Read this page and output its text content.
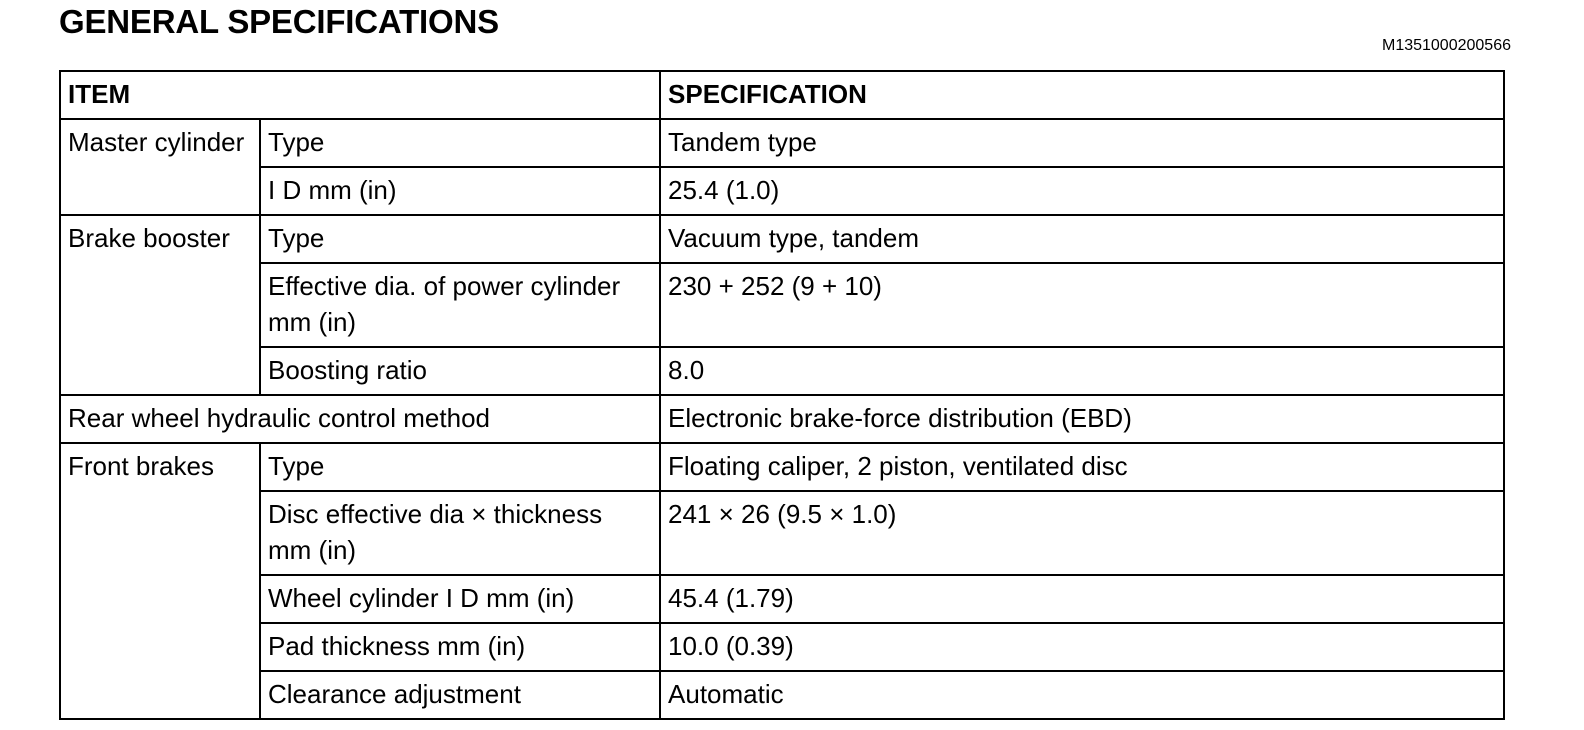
GENERAL SPECIFICATIONS
M1351000200566
ITEM		SPECIFICATION
Master cylinder	Type	Tandem type
	I D mm (in)	25.4 (1.0)
Brake booster	Type	Vacuum type, tandem
	Effective dia. of power cylinder mm (in)	230 + 252 (9 + 10)
	Boosting ratio	8.0
Rear wheel hydraulic control method		Electronic brake-force distribution (EBD)
Front brakes	Type	Floating caliper, 2 piston, ventilated disc
	Disc effective dia × thickness mm (in)	241 × 26 (9.5 × 1.0)
	Wheel cylinder I D mm (in)	45.4 (1.79)
	Pad thickness mm (in)	10.0 (0.39)
	Clearance adjustment	Automatic
